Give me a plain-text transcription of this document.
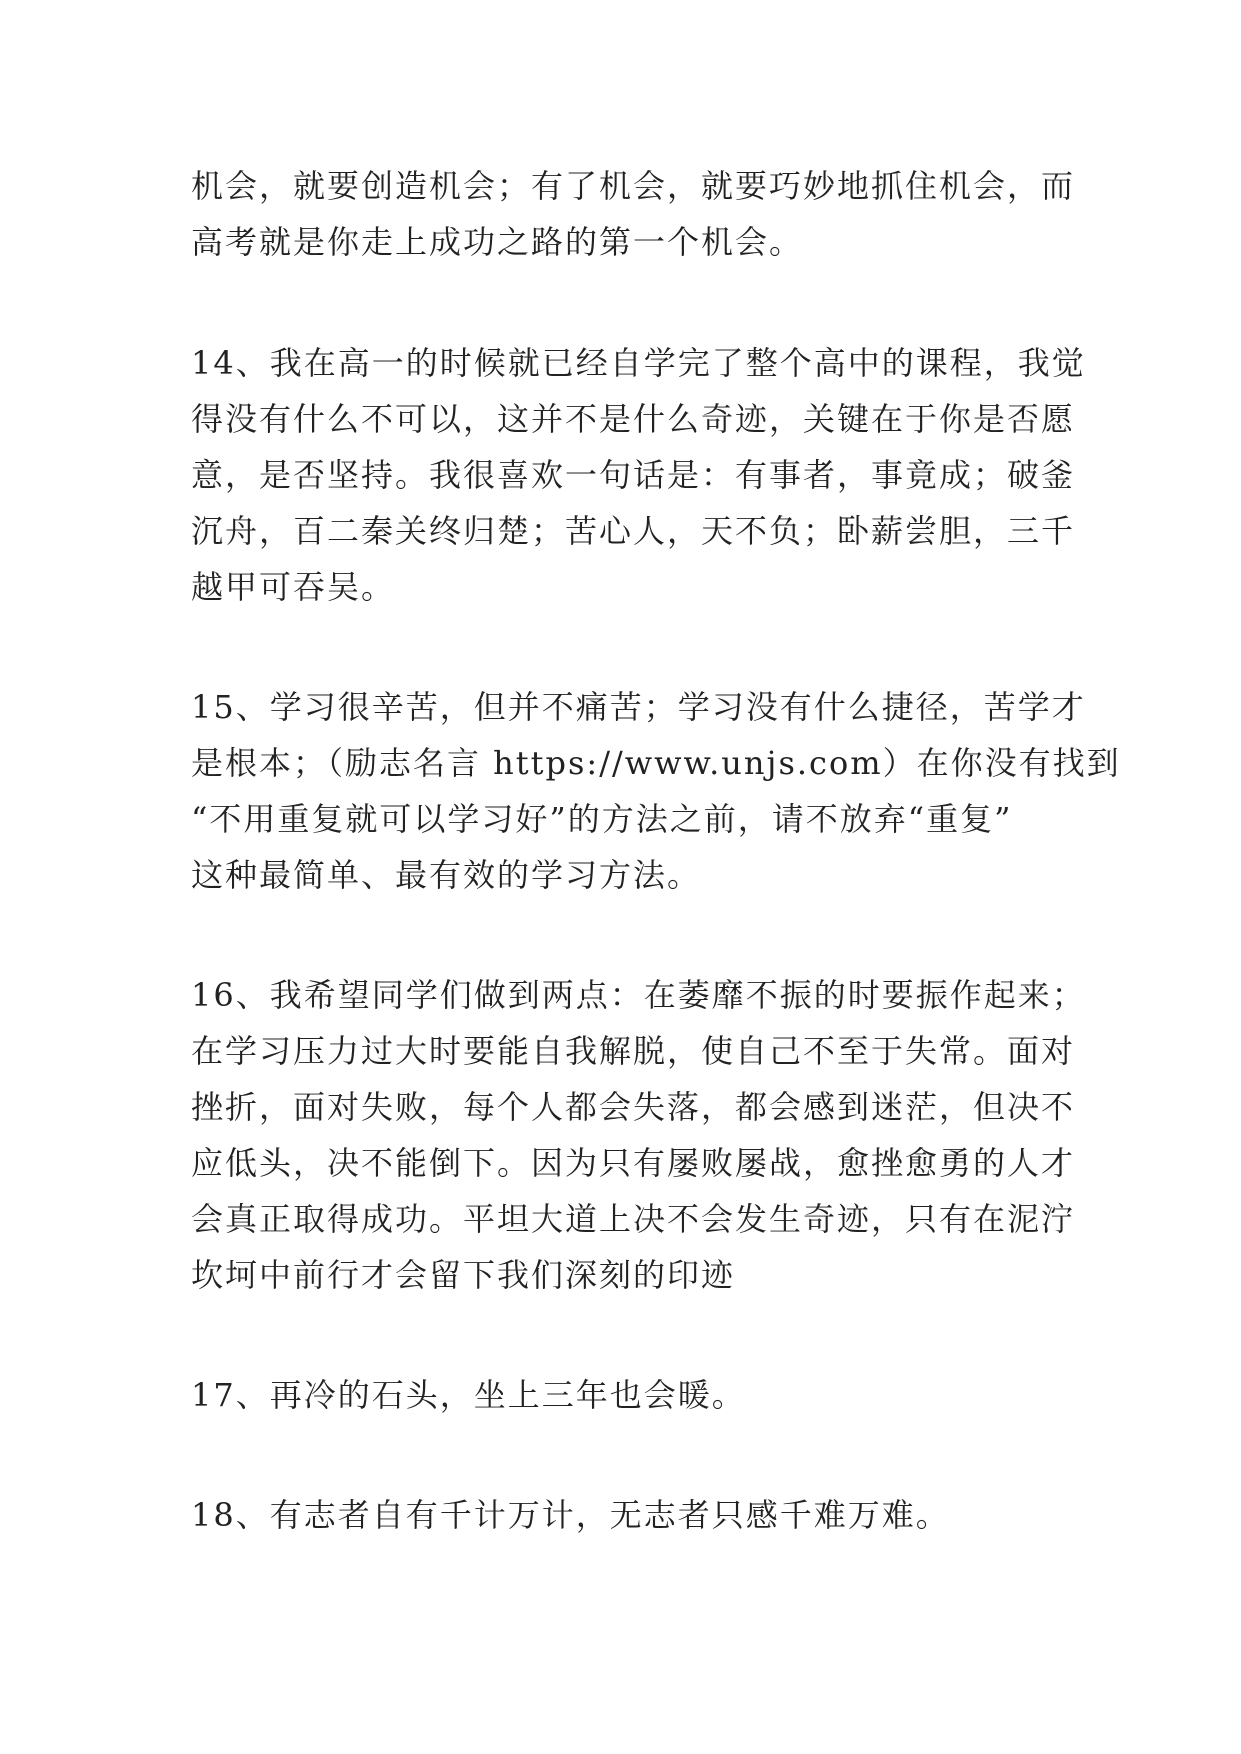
机会，就要创造机会；有了机会，就要巧妙地抓住机会，而
高考就是你走上成功之路的第一个机会。
14、我在高一的时候就已经自学完了整个高中的课程，我觉
得没有什么不可以，这并不是什么奇迹，关键在于你是否愿
意，是否坚持。我很喜欢一句话是：有事者，事竟成；破釜
沉舟，百二秦关终归楚；苦心人，天不负；卧薪尝胆，三千
越甲可吞吴。
15、学习很辛苦，但并不痛苦；学习没有什么捷径，苦学才
是根本；（励志名言 https://www.unjs.com）在你没有找到
“不用重复就可以学习好”的方法之前，请不放弃“重复”
这种最简单、最有效的学习方法。
16、我希望同学们做到两点：在萎靡不振的时要振作起来；
在学习压力过大时要能自我解脱，使自己不至于失常。面对
挫折，面对失败，每个人都会失落，都会感到迷茫，但决不
应低头，决不能倒下。因为只有屡败屡战，愈挫愈勇的人才
会真正取得成功。平坦大道上决不会发生奇迹，只有在泥泞
坎坷中前行才会留下我们深刻的印迹
17、再冷的石头，坐上三年也会暖。
18、有志者自有千计万计，无志者只感千难万难。
